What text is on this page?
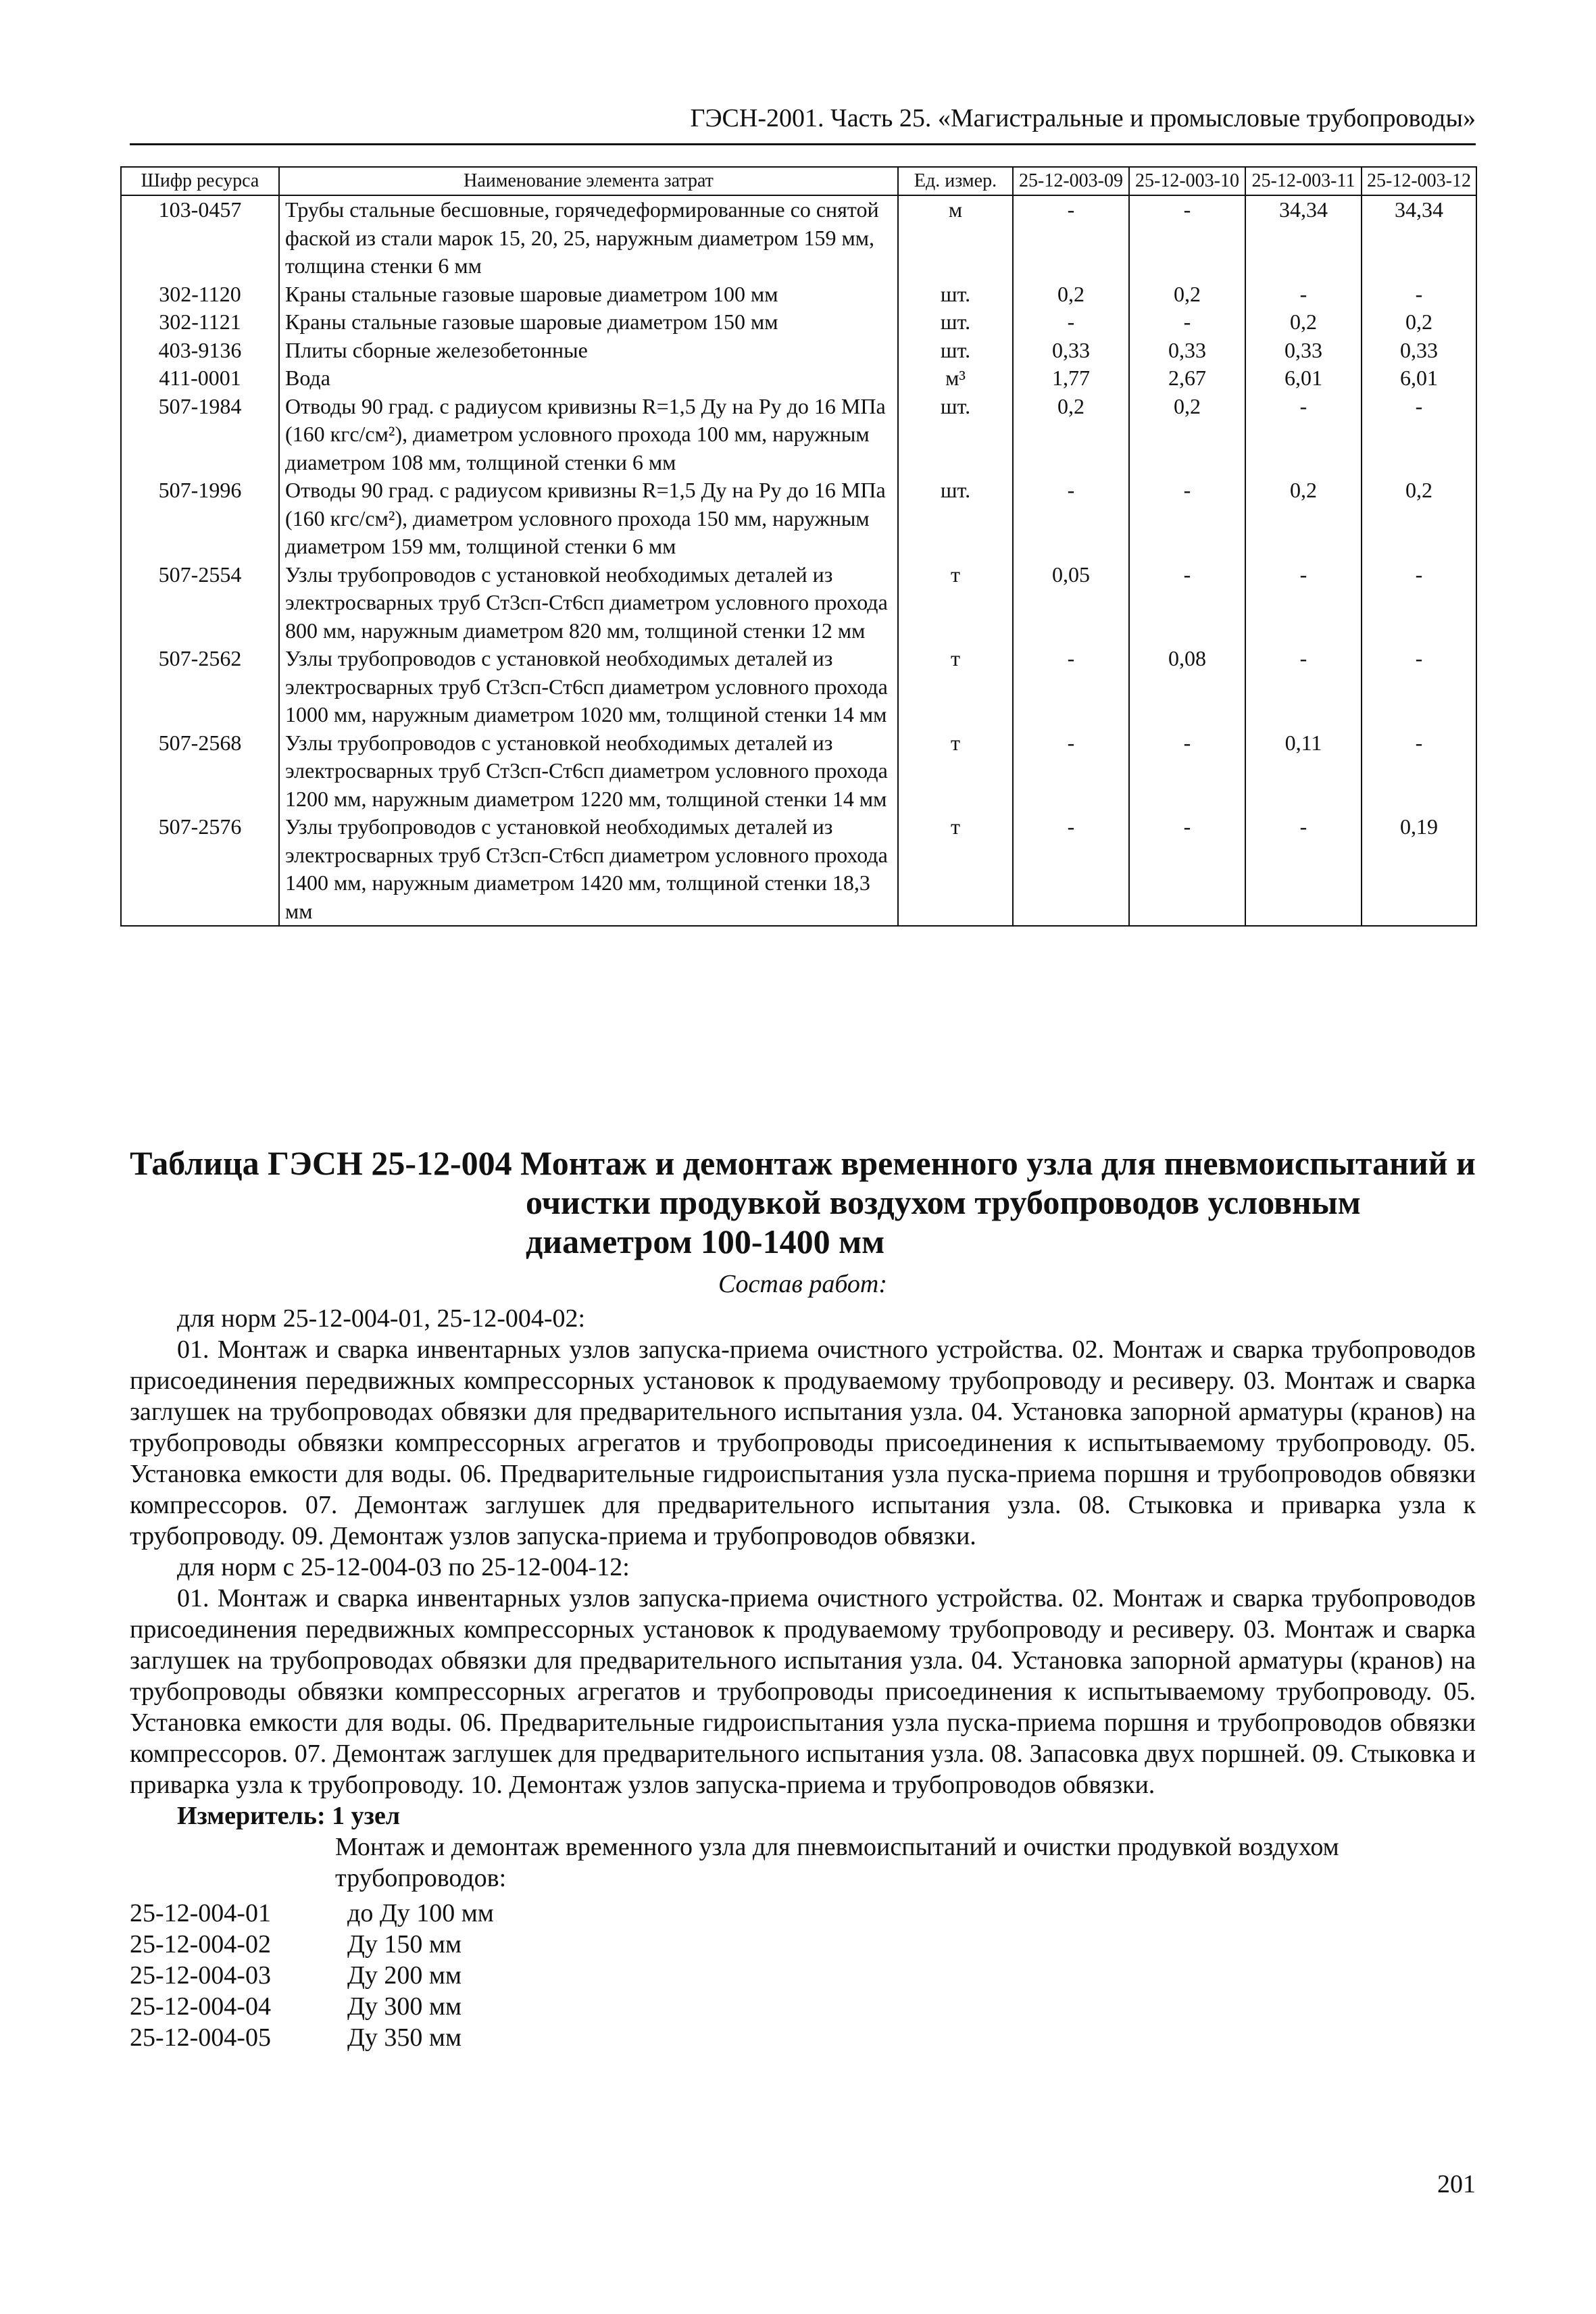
ГЭСН-2001. Часть 25. «Магистральные и промысловые трубопроводы»
Шифр ресурса	Наименование элемента затрат	Ед. измер.	25-12-003-09	25-12-003-10	25-12-003-11	25-12-003-12
103-0457	Трубы стальные бесшовные, горячедеформированные со снятой фаской из стали марок 15, 20, 25, наружным диаметром 159 мм, толщина стенки 6 мм	м	-	-	34,34	34,34
302-1120	Краны стальные газовые шаровые диаметром 100 мм	шт.	0,2	0,2	-	-
302-1121	Краны стальные газовые шаровые диаметром 150 мм	шт.	-	-	0,2	0,2
403-9136	Плиты сборные железобетонные	шт.	0,33	0,33	0,33	0,33
411-0001	Вода	м³	1,77	2,67	6,01	6,01
507-1984	Отводы 90 град. с радиусом кривизны R=1,5 Ду на Ру до 16 МПа (160 кгс/см²), диаметром условного прохода 100 мм, наружным диаметром 108 мм, толщиной стенки 6 мм	шт.	0,2	0,2	-	-
507-1996	Отводы 90 град. с радиусом кривизны R=1,5 Ду на Ру до 16 МПа (160 кгс/см²), диаметром условного прохода 150 мм, наружным диаметром 159 мм, толщиной стенки 6 мм	шт.	-	-	0,2	0,2
507-2554	Узлы трубопроводов с установкой необходимых деталей из электросварных труб Ст3сп-Ст6сп диаметром условного прохода 800 мм, наружным диаметром 820 мм, толщиной стенки 12 мм	т	0,05	-	-	-
507-2562	Узлы трубопроводов с установкой необходимых деталей из электросварных труб Ст3сп-Ст6сп диаметром условного прохода 1000 мм, наружным диаметром 1020 мм, толщиной стенки 14 мм	т	-	0,08	-	-
507-2568	Узлы трубопроводов с установкой необходимых деталей из электросварных труб Ст3сп-Ст6сп диаметром условного прохода 1200 мм, наружным диаметром 1220 мм, толщиной стенки 14 мм	т	-	-	0,11	-
507-2576	Узлы трубопроводов с установкой необходимых деталей из электросварных труб Ст3сп-Ст6сп диаметром условного прохода 1400 мм, наружным диаметром 1420 мм, толщиной стенки 18,3 мм	т	-	-	-	0,19
Таблица ГЭСН 25-12-004 Монтаж и демонтаж временного узла для пневмоиспытаний и
очистки продувкой воздухом трубопроводов условным
диаметром 100-1400 мм
Состав работ:

для норм 25-12-004-01, 25-12-004-02:

01. Монтаж и сварка инвентарных узлов запуска-приема очистного устройства. 02. Монтаж и сварка трубопроводов присоединения передвижных компрессорных установок к продуваемому трубопроводу и ресиверу. 03. Монтаж и сварка заглушек на трубопроводах обвязки для предварительного испытания узла. 04. Установка запорной арматуры (кранов) на трубопроводы обвязки компрессорных агрегатов и трубопроводы присоединения к испытываемому трубопроводу. 05. Установка емкости для воды. 06. Предварительные гидроиспытания узла пуска-приема поршня и трубопроводов обвязки компрессоров. 07. Демонтаж заглушек для предварительного испытания узла. 08. Стыковка и приварка узла к трубопроводу. 09. Демонтаж узлов запуска-приема и трубопроводов обвязки.

для норм с 25-12-004-03 по 25-12-004-12:

01. Монтаж и сварка инвентарных узлов запуска-приема очистного устройства. 02. Монтаж и сварка трубопроводов присоединения передвижных компрессорных установок к продуваемому трубопроводу и ресиверу. 03. Монтаж и сварка заглушек на трубопроводах обвязки для предварительного испытания узла. 04. Установка запорной арматуры (кранов) на трубопроводы обвязки компрессорных агрегатов и трубопроводы присоединения к испытываемому трубопроводу. 05. Установка емкости для воды. 06. Предварительные гидроиспытания узла пуска-приема поршня и трубопроводов обвязки компрессоров. 07. Демонтаж заглушек для предварительного испытания узла. 08. Запасовка двух поршней. 09. Стыковка и приварка узла к трубопроводу. 10. Демонтаж узлов запуска-приема и трубопроводов обвязки.

Измеритель: 1 узел

Монтаж и демонтаж временного узла для пневмоиспытаний и очистки продувкой воздухом

трубопроводов:

25-12-004-01	до Ду 100 мм
25-12-004-02	Ду 150 мм
25-12-004-03	Ду 200 мм
25-12-004-04	Ду 300 мм
25-12-004-05	Ду 350 мм
201
